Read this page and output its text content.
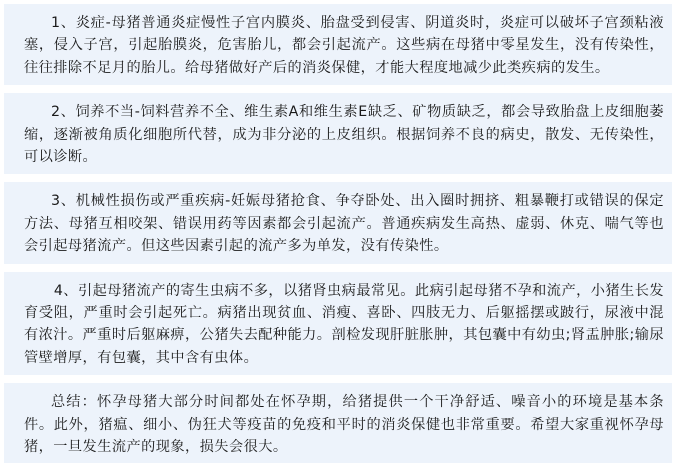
1、炎症-母猪普通炎症慢性子宫内膜炎、胎盘受到侵害、阴道炎时，炎症可以破坏子宫颈粘液塞，侵入子宫，引起胎膜炎，危害胎儿，都会引起流产。这些病在母猪中零星发生，没有传染性，往往排除不足月的胎儿。给母猪做好产后的消炎保健，才能大程度地减少此类疾病的发生。

2、饲养不当-饲料营养不全、维生素A和维生素E缺乏、矿物质缺乏，都会导致胎盘上皮细胞萎缩，逐渐被角质化细胞所代替，成为非分泌的上皮组织。根据饲养不良的病史，散发、无传染性，可以诊断。

3、机械性损伤或严重疾病-妊娠母猪抢食、争夺卧处、出入圈时拥挤、粗暴鞭打或错误的保定方法、母猪互相咬架、错误用药等因素都会引起流产。普通疾病发生高热、虚弱、休克、喘气等也会引起母猪流产。但这些因素引起的流产多为单发，没有传染性。

4、引起母猪流产的寄生虫病不多，以猪肾虫病最常见。此病引起母猪不孕和流产，小猪生长发育受阻，严重时会引起死亡。病猪出现贫血、消瘦、喜卧、四肢无力、后躯摇摆或跛行，尿液中混有浓汁。严重时后躯麻痹，公猪失去配种能力。剖检发现肝脏胀肿，其包囊中有幼虫;肾盂肿胀;输尿管壁增厚，有包囊，其中含有虫体。

总结：怀孕母猪大部分时间都处在怀孕期，给猪提供一个干净舒适、噪音小的环境是基本条件。此外，猪瘟、细小、伪狂犬等疫苗的免疫和平时的消炎保健也非常重要。希望大家重视怀孕母猪，一旦发生流产的现象，损失会很大。
